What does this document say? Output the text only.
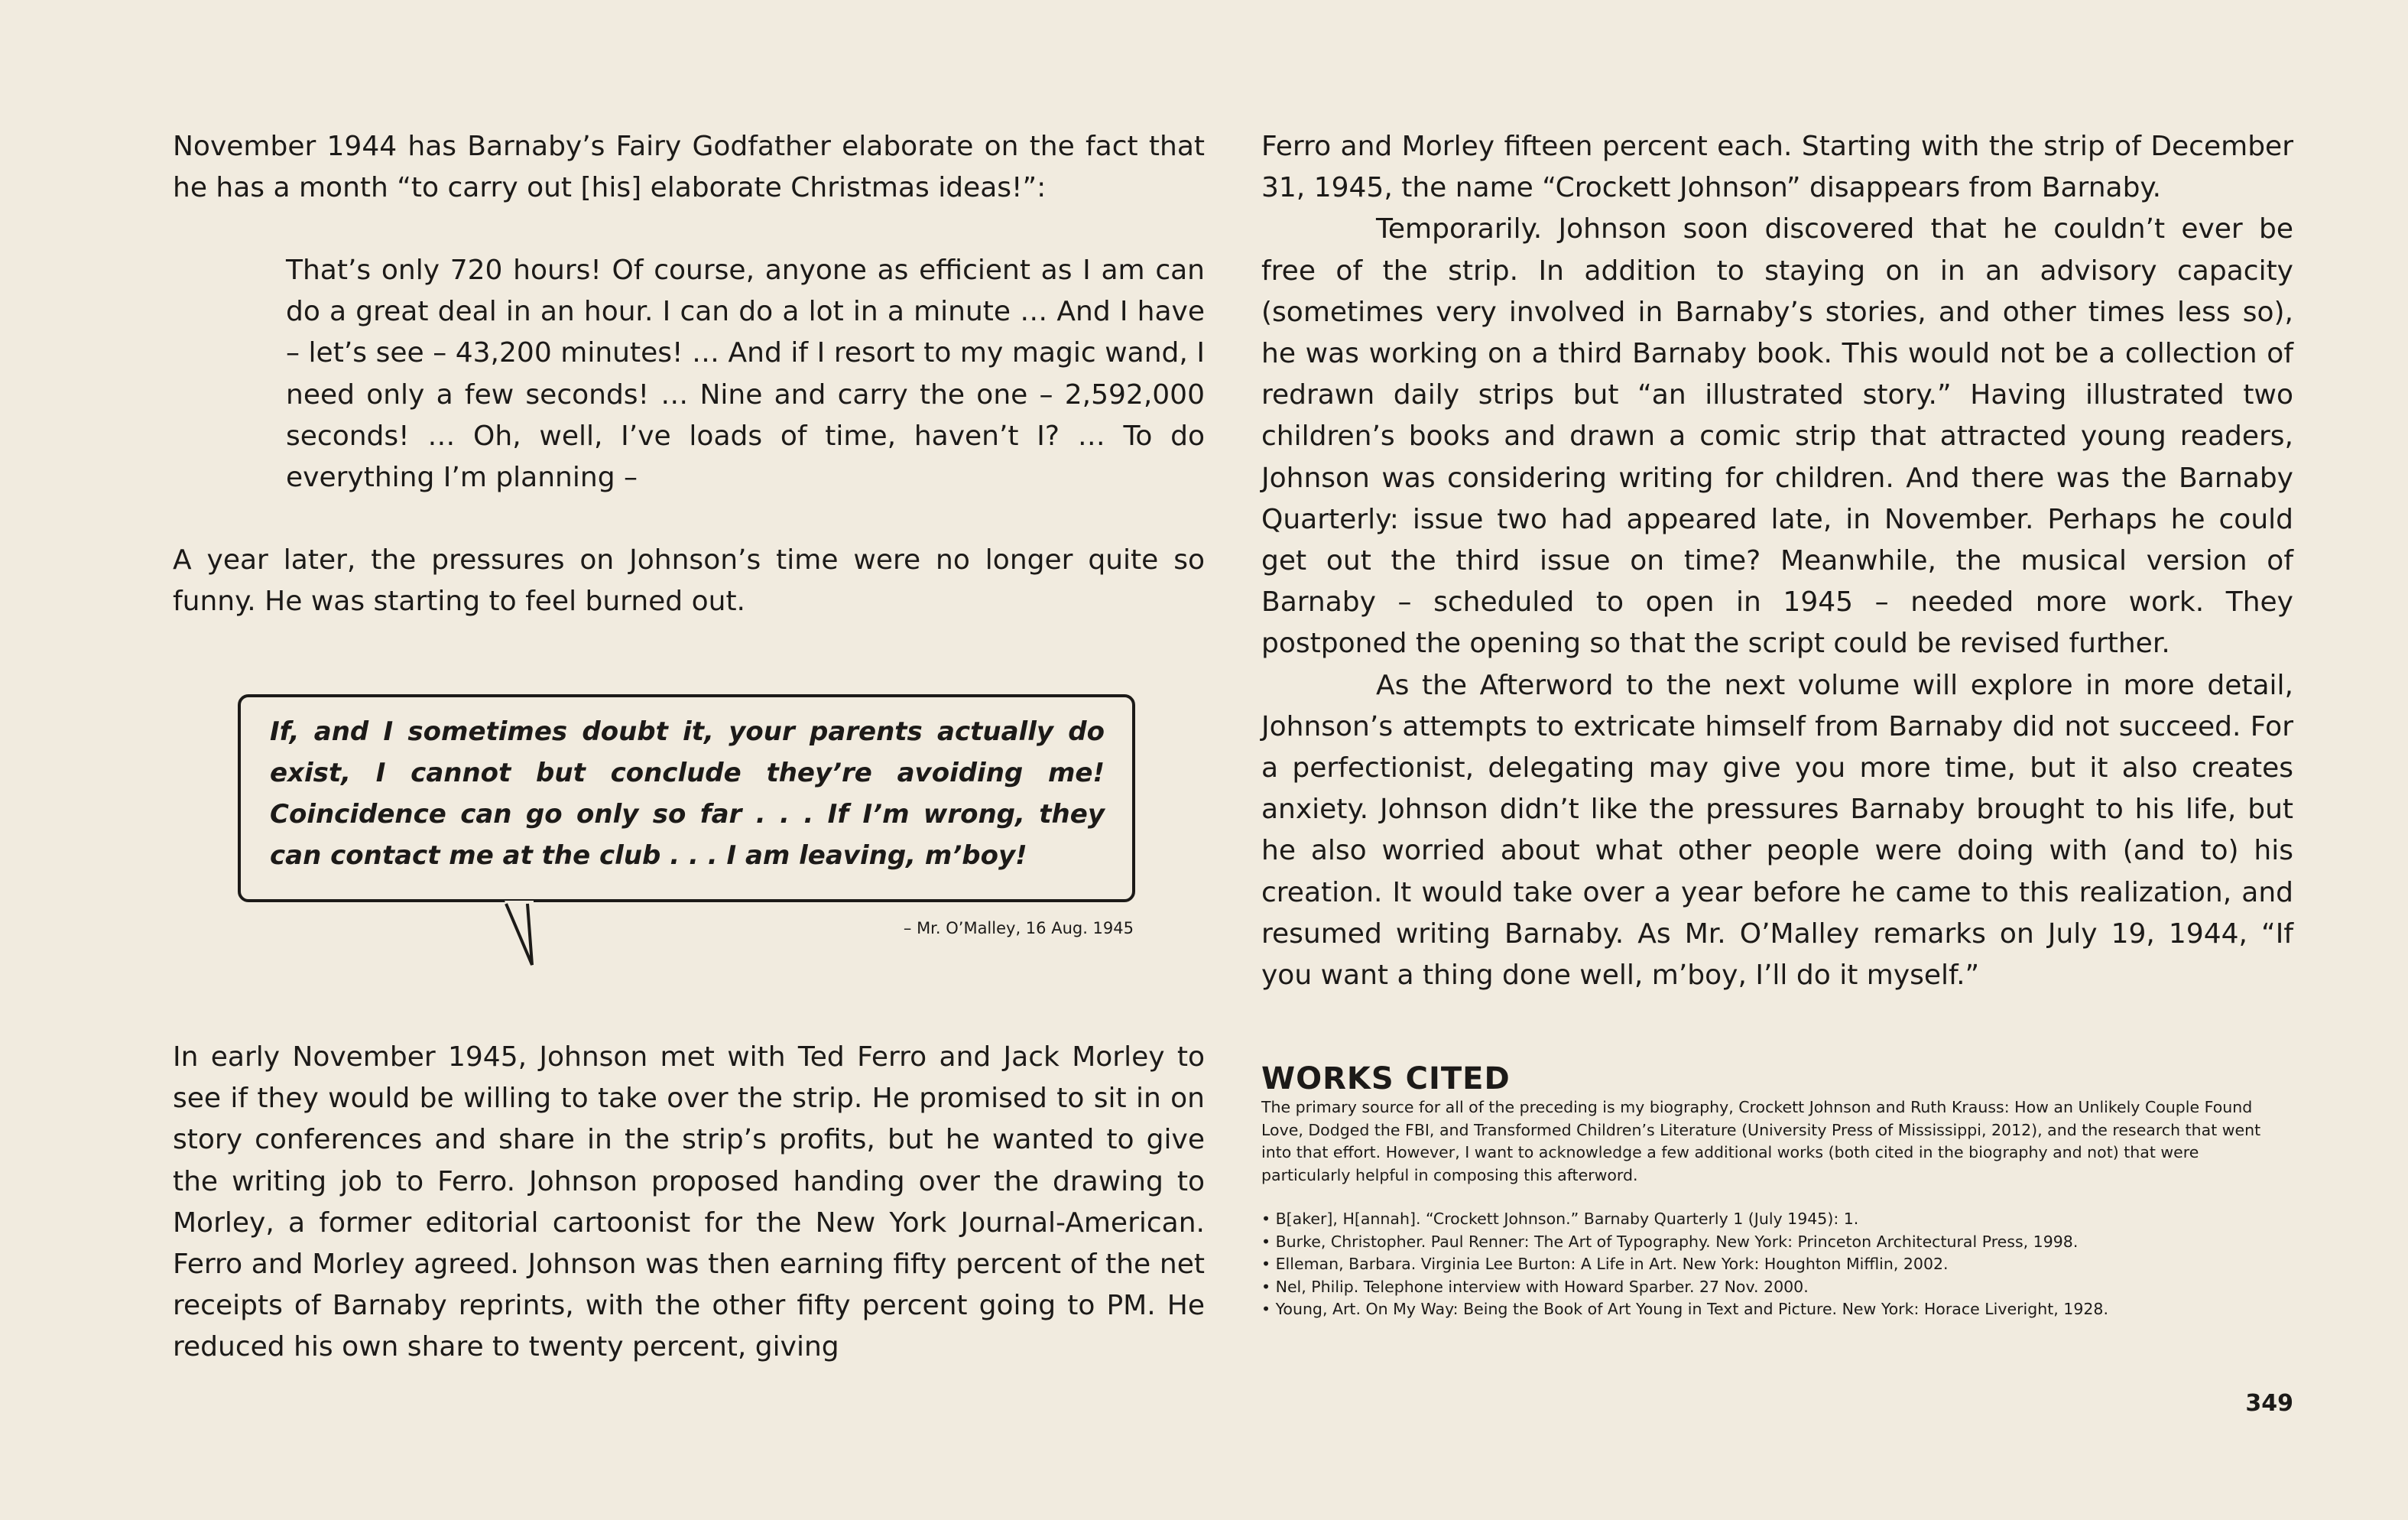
November 1944 has Barnaby’s Fairy Godfather elaborate on the fact that he has a month “to carry out [his] elaborate Christmas ideas!”:

That’s only 720 hours! Of course, anyone as efficient as I am can do a great deal in an hour. I can do a lot in a minute … And I have – let’s see – 43,200 minutes! … And if I resort to my magic wand, I need only a few seconds! … Nine and carry the one – 2,592,000 seconds! … Oh, well, I’ve loads of time, haven’t I? … To do everything I’m planning –

A year later, the pressures on Johnson’s time were no longer quite so funny. He was starting to feel burned out.

If, and I sometimes doubt it, your parents actually do exist, I cannot but conclude they’re avoiding me! Coincidence can go only so far . . . If I’m wrong, they can contact me at the club . . . I am leaving, m’boy!
– Mr. O’Malley, 16 Aug. 1945

In early November 1945, Johnson met with Ted Ferro and Jack Morley to see if they would be willing to take over the strip. He promised to sit in on story conferences and share in the strip’s profits, but he wanted to give the writing job to Ferro. Johnson proposed handing over the drawing to Morley, a former editorial cartoonist for the New York Journal-American. Ferro and Morley agreed. Johnson was then earning fifty percent of the net receipts of Barnaby reprints, with the other fifty percent going to PM. He reduced his own share to twenty percent, giving

Ferro and Morley fifteen percent each. Starting with the strip of December 31, 1945, the name “Crockett Johnson” disappears from Barnaby.

Temporarily. Johnson soon discovered that he couldn’t ever be free of the strip. In addition to staying on in an advisory capacity (sometimes very involved in Barnaby’s stories, and other times less so), he was working on a third Barnaby book. This would not be a collection of redrawn daily strips but “an illustrated story.” Having illustrated two children’s books and drawn a comic strip that attracted young readers, Johnson was considering writing for children. And there was the Barnaby Quarterly: issue two had appeared late, in November. Perhaps he could get out the third issue on time? Meanwhile, the musical version of Barnaby – scheduled to open in 1945 – needed more work. They postponed the opening so that the script could be revised further.

As the Afterword to the next volume will explore in more detail, Johnson’s attempts to extricate himself from Barnaby did not succeed. For a perfectionist, delegating may give you more time, but it also creates anxiety. Johnson didn’t like the pressures Barnaby brought to his life, but he also worried about what other people were doing with (and to) his creation. It would take over a year before he came to this realization, and resumed writing Barnaby. As Mr. O’Malley remarks on July 19, 1944, “If you want a thing done well, m’boy, I’ll do it myself.”

WORKS CITED

The primary source for all of the preceding is my biography, Crockett Johnson and Ruth Krauss: How an Unlikely Couple Found Love, Dodged the FBI, and Transformed Children’s Literature (University Press of Mississippi, 2012), and the research that went into that effort. However, I want to acknowledge a few additional works (both cited in the biography and not) that were particularly helpful in composing this afterword.

• B[aker], H[annah]. “Crockett Johnson.” Barnaby Quarterly 1 (July 1945): 1.
• Burke, Christopher. Paul Renner: The Art of Typography. New York: Princeton Architectural Press, 1998.
• Elleman, Barbara. Virginia Lee Burton: A Life in Art. New York: Houghton Mifflin, 2002.
• Nel, Philip. Telephone interview with Howard Sparber. 27 Nov. 2000.
• Young, Art. On My Way: Being the Book of Art Young in Text and Picture. New York: Horace Liveright, 1928.
349
